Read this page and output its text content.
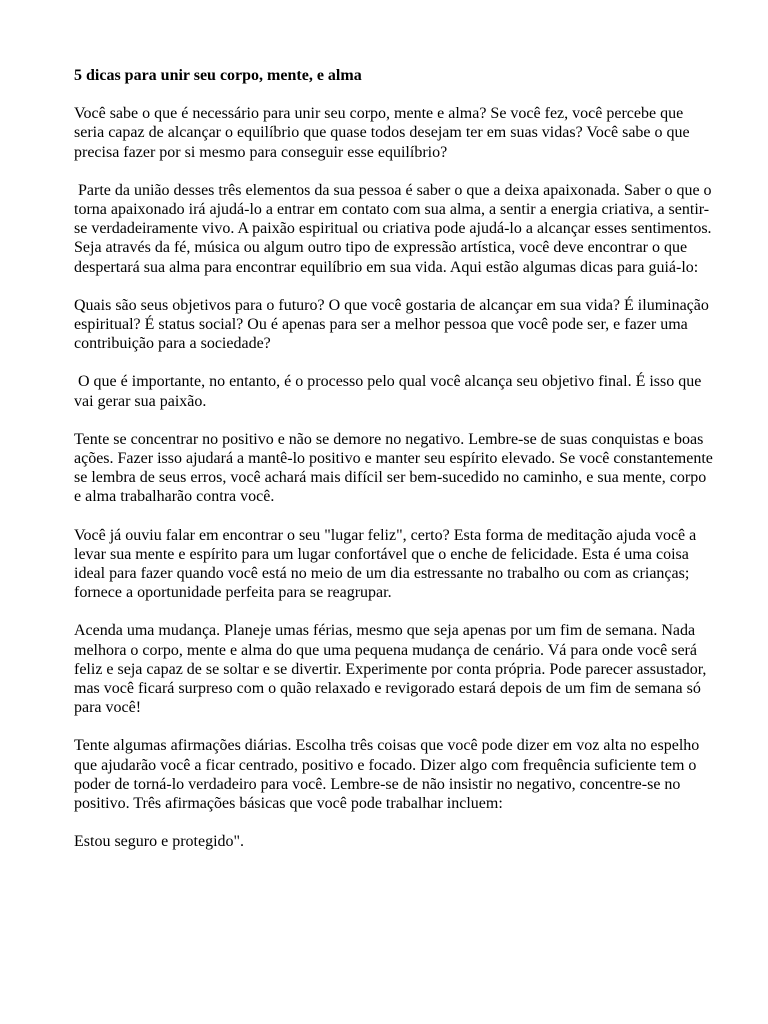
5 dicas para unir seu corpo, mente, e alma

Você sabe o que é necessário para unir seu corpo, mente e alma? Se você fez, você percebe que seria capaz de alcançar o equilíbrio que quase todos desejam ter em suas vidas? Você sabe o que precisa fazer por si mesmo para conseguir esse equilíbrio?

Parte da união desses três elementos da sua pessoa é saber o que a deixa apaixonada. Saber o que o torna apaixonado irá ajudá-lo a entrar em contato com sua alma, a sentir a energia criativa, a sentir-se verdadeiramente vivo. A paixão espiritual ou criativa pode ajudá-lo a alcançar esses sentimentos. Seja através da fé, música ou algum outro tipo de expressão artística, você deve encontrar o que despertará sua alma para encontrar equilíbrio em sua vida. Aqui estão algumas dicas para guiá-lo:

Quais são seus objetivos para o futuro? O que você gostaria de alcançar em sua vida? É iluminação espiritual? É status social? Ou é apenas para ser a melhor pessoa que você pode ser, e fazer uma contribuição para a sociedade?

O que é importante, no entanto, é o processo pelo qual você alcança seu objetivo final. É isso que vai gerar sua paixão.

Tente se concentrar no positivo e não se demore no negativo. Lembre-se de suas conquistas e boas ações. Fazer isso ajudará a mantê-lo positivo e manter seu espírito elevado. Se você constantemente se lembra de seus erros, você achará mais difícil ser bem-sucedido no caminho, e sua mente, corpo e alma trabalharão contra você.

Você já ouviu falar em encontrar o seu "lugar feliz", certo? Esta forma de meditação ajuda você a levar sua mente e espírito para um lugar confortável que o enche de felicidade. Esta é uma coisa ideal para fazer quando você está no meio de um dia estressante no trabalho ou com as crianças; fornece a oportunidade perfeita para se reagrupar.

Acenda uma mudança. Planeje umas férias, mesmo que seja apenas por um fim de semana. Nada melhora o corpo, mente e alma do que uma pequena mudança de cenário. Vá para onde você será feliz e seja capaz de se soltar e se divertir. Experimente por conta própria. Pode parecer assustador, mas você ficará surpreso com o quão relaxado e revigorado estará depois de um fim de semana só para você!

Tente algumas afirmações diárias. Escolha três coisas que você pode dizer em voz alta no espelho que ajudarão você a ficar centrado, positivo e focado. Dizer algo com frequência suficiente tem o poder de torná-lo verdadeiro para você. Lembre-se de não insistir no negativo, concentre-se no positivo. Três afirmações básicas que você pode trabalhar incluem:

Estou seguro e protegido".
